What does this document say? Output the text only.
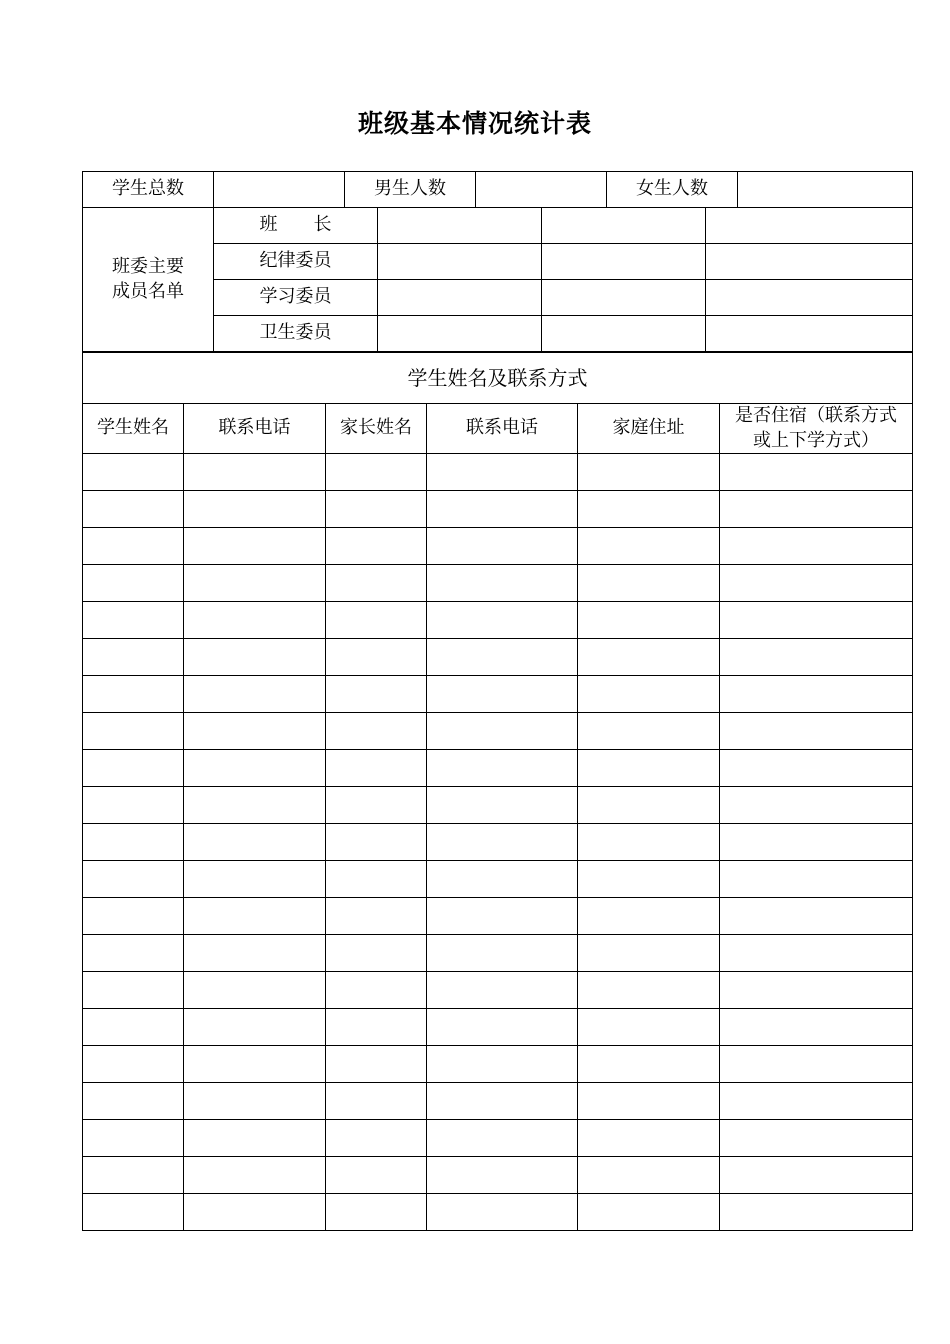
班级基本情况统计表
学生总数		男生人数		女生人数	
班委主要
成员名单	班　　长			
	纪律委员			
	学习委员			
	卫生委员			
学生姓名及联系方式					
学生姓名	联系电话	家长姓名	联系电话	家庭住址	是否住宿（联系方式
或上下学方式）
